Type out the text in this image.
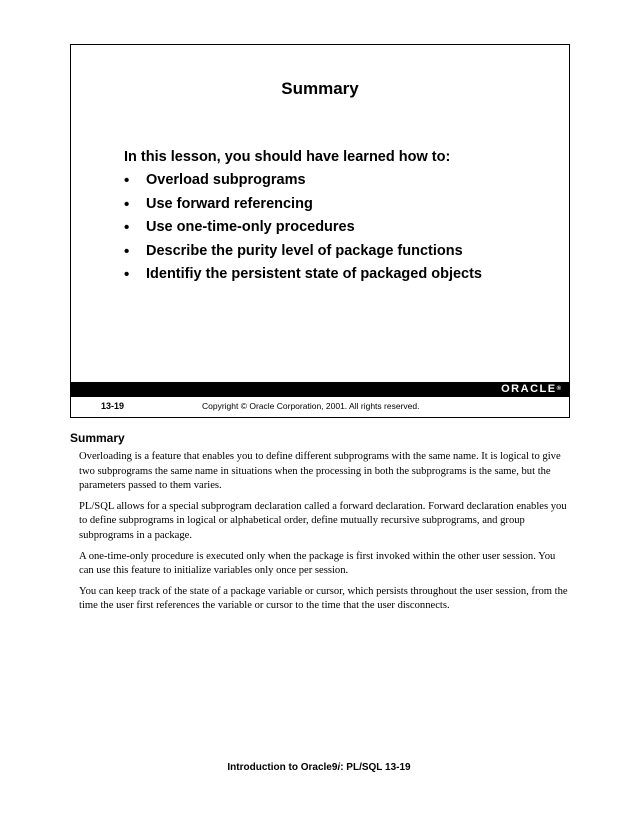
Summary
In this lesson, you should have learned how to:
• Overload subprograms
• Use forward referencing
• Use one-time-only procedures
• Describe the purity level of package functions
• Identifiy the persistent state of packaged objects
ORACLE®
13-19	Copyright © Oracle Corporation, 2001. All rights reserved.
Summary

Overloading is a feature that enables you to define different subprograms with the same name. It is logical to give two subprograms the same name in situations when the processing in both the subprograms is the same, but the parameters passed to them varies.

PL/SQL allows for a special subprogram declaration called a forward declaration. Forward declaration enables you to define subprograms in logical or alphabetical order, define mutually recursive subprograms, and group subprograms in a package.

A one-time-only procedure is executed only when the package is first invoked within the other user session. You can use this feature to initialize variables only once per session.

You can keep track of the state of a package variable or cursor, which persists throughout the user session, from the time the user first references the variable or cursor to the time that the user disconnects.

Introduction to Oracle9i: PL/SQL 13-19
